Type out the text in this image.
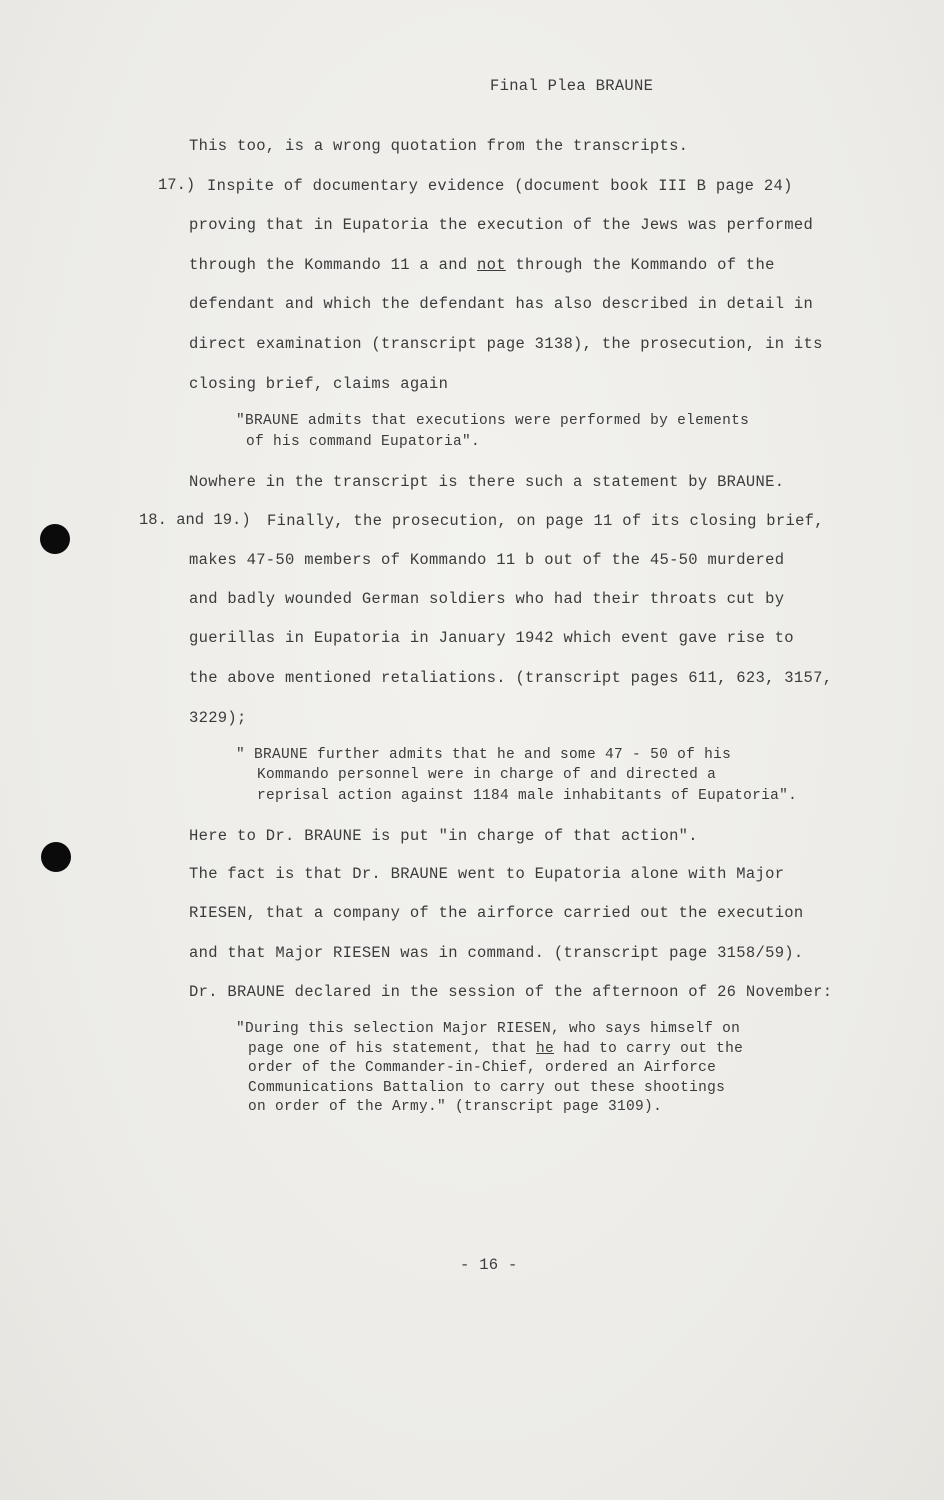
Final Plea BRAUNE
This too, is a wrong quotation from the transcripts.
17.) Inspite of documentary evidence (document book III B page 24)
proving that in Eupatoria the execution of the Jews was performed
through the Kommando 11 a and not through the Kommando of the
defendant and which the defendant has also described in detail in
direct examination (transcript page 3138), the prosecution, in its
closing brief, claims again
"BRAUNE admits that executions were performed by elements
of his command Eupatoria".
Nowhere in the transcript is there such a statement by BRAUNE.
18. and 19.) Finally, the prosecution, on page 11 of its closing brief,
makes 47-50 members of Kommando 11 b out of the 45-50 murdered
and badly wounded German soldiers who had their throats cut by
guerillas in Eupatoria in January 1942 which event gave rise to
the above mentioned retaliations. (transcript pages 611, 623, 3157,
3229);
" BRAUNE further admits that he and some 47 - 50 of his
Kommando personnel were in charge of and directed a
reprisal action against 1184 male inhabitants of Eupatoria".
Here to Dr. BRAUNE is put "in charge of that action".
The fact is that Dr. BRAUNE went to Eupatoria alone with Major
RIESEN, that a company of the airforce carried out the execution
and that Major RIESEN was in command. (transcript page 3158/59).
Dr. BRAUNE declared in the session of the afternoon of 26 November:
"During this selection Major RIESEN, who says himself on
page one of his statement, that he had to carry out the
order of the Commander-in-Chief, ordered an Airforce
Communications Battalion to carry out these shootings
on order of the Army." (transcript page 3109).
- 16 -
